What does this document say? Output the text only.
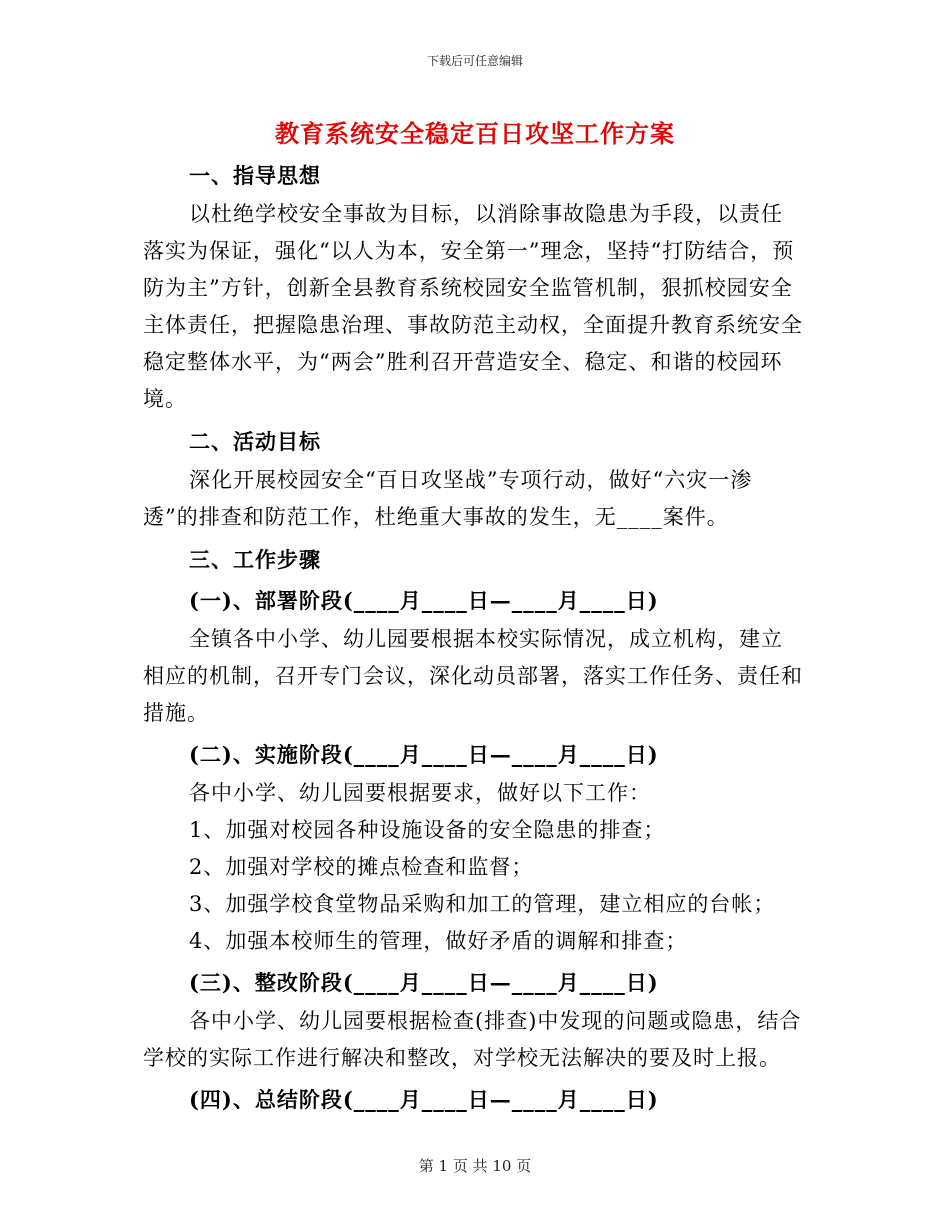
下载后可任意编辑
教育系统安全稳定百日攻坚工作方案

一、指导思想

以杜绝学校安全事故为目标，以消除事故隐患为手段，以责任落实为保证，强化“以人为本，安全第一”理念，坚持“打防结合，预防为主”方针，创新全县教育系统校园安全监管机制，狠抓校园安全主体责任，把握隐患治理、事故防范主动权，全面提升教育系统安全稳定整体水平，为“两会”胜利召开营造安全、稳定、和谐的校园环境。

二、活动目标

深化开展校园安全“百日攻坚战”专项行动，做好“六灾一渗透”的排查和防范工作，杜绝重大事故的发生，无____案件。

三、工作步骤

(一)、部署阶段(____月____日—____月____日)

全镇各中小学、幼儿园要根据本校实际情况，成立机构，建立相应的机制，召开专门会议，深化动员部署，落实工作任务、责任和措施。

(二)、实施阶段(____月____日—____月____日)

各中小学、幼儿园要根据要求，做好以下工作：

1、加强对校园各种设施设备的安全隐患的排查；

2、加强对学校的摊点检查和监督；

3、加强学校食堂物品采购和加工的管理，建立相应的台帐；

4、加强本校师生的管理，做好矛盾的调解和排查；

(三)、整改阶段(____月____日—____月____日)

各中小学、幼儿园要根据检查(排查)中发现的问题或隐患，结合学校的实际工作进行解决和整改，对学校无法解决的要及时上报。

(四)、总结阶段(____月____日—____月____日)

第 1 页 共 10 页
